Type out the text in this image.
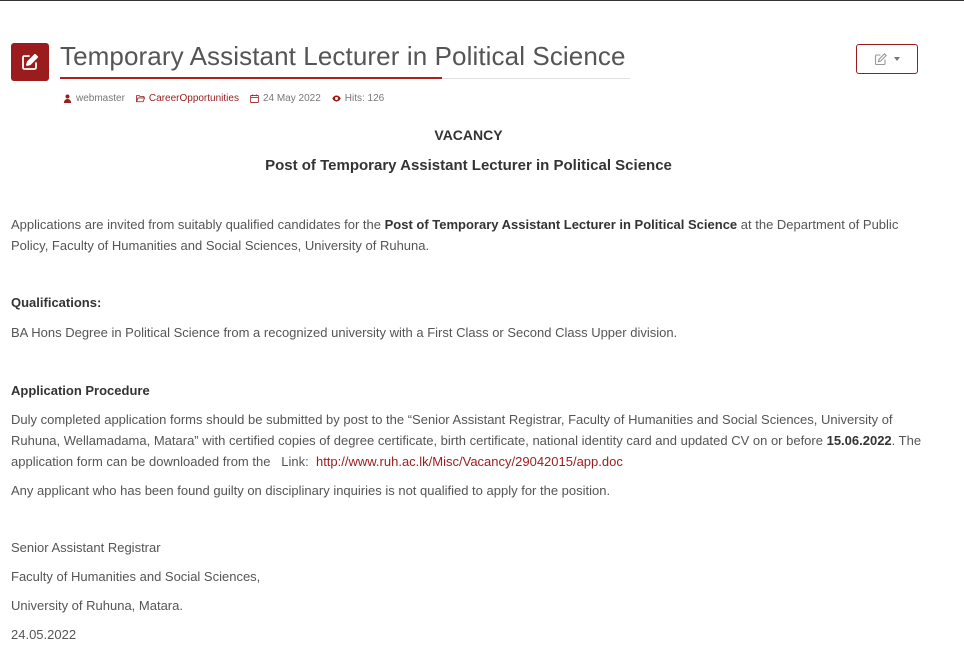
Temporary Assistant Lecturer in Political Science
webmaster CareerOpportunities 24 May 2022 Hits: 126
VACANCY
Post of Temporary Assistant Lecturer in Political Science

Applications are invited from suitably qualified candidates for the Post of Temporary Assistant Lecturer in Political Science at the Department of Public Policy, Faculty of Humanities and Social Sciences, University of Ruhuna.

Qualifications:

BA Hons Degree in Political Science from a recognized university with a First Class or Second Class Upper division.

Application Procedure

Duly completed application forms should be submitted by post to the “Senior Assistant Registrar, Faculty of Humanities and Social Sciences, University of Ruhuna, Wellamadama, Matara” with certified copies of degree certificate, birth certificate, national identity card and updated CV on or before 15.06.2022. The application form can be downloaded from the   Link:  http://www.ruh.ac.lk/Misc/Vacancy/29042015/app.doc

Any applicant who has been found guilty on disciplinary inquiries is not qualified to apply for the position.

Senior Assistant Registrar

Faculty of Humanities and Social Sciences,

University of Ruhuna, Matara.

24.05.2022
